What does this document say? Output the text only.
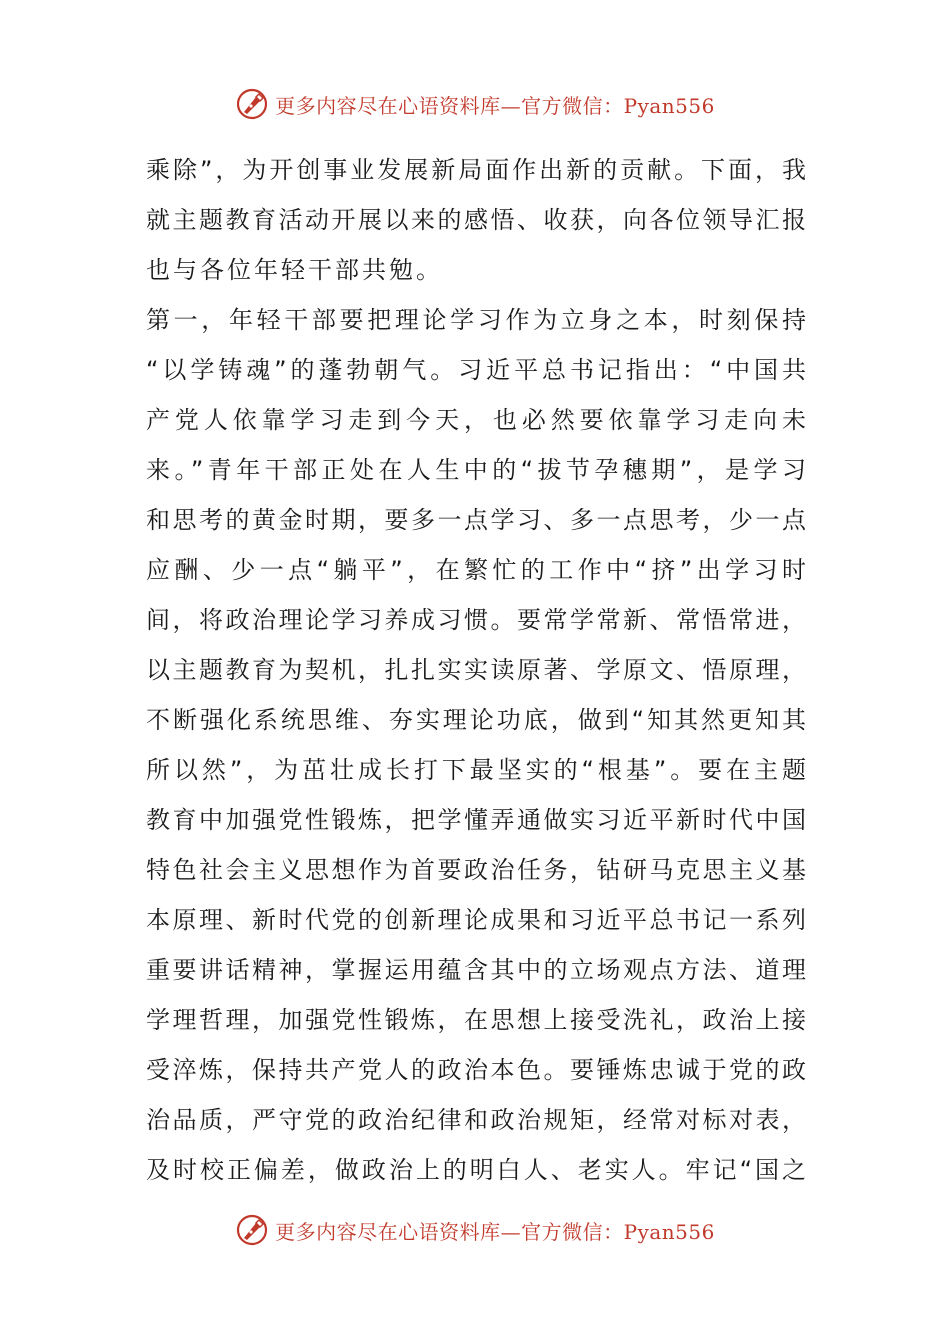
更多内容尽在心语资料库—官方微信：Pyan556
乘除”，为开创事业发展新局面作出新的贡献。下面，我
就主题教育活动开展以来的感悟、收获，向各位领导汇报
也与各位年轻干部共勉。
第一，年轻干部要把理论学习作为立身之本，时刻保持
“以学铸魂”的蓬勃朝气。习近平总书记指出：“中国共
产党人依靠学习走到今天，也必然要依靠学习走向未
来。”青年干部正处在人生中的“拔节孕穗期”，是学习
和思考的黄金时期，要多一点学习、多一点思考，少一点
应酬、少一点“躺平”，在繁忙的工作中“挤”出学习时
间，将政治理论学习养成习惯。要常学常新、常悟常进，
以主题教育为契机，扎扎实实读原著、学原文、悟原理，
不断强化系统思维、夯实理论功底，做到“知其然更知其
所以然”，为茁壮成长打下最坚实的“根基”。要在主题
教育中加强党性锻炼，把学懂弄通做实习近平新时代中国
特色社会主义思想作为首要政治任务，钻研马克思主义基
本原理、新时代党的创新理论成果和习近平总书记一系列
重要讲话精神，掌握运用蕴含其中的立场观点方法、道理
学理哲理，加强党性锻炼，在思想上接受洗礼，政治上接
受淬炼，保持共产党人的政治本色。要锤炼忠诚于党的政
治品质，严守党的政治纪律和政治规矩，经常对标对表，
及时校正偏差，做政治上的明白人、老实人。牢记“国之
更多内容尽在心语资料库—官方微信：Pyan556
